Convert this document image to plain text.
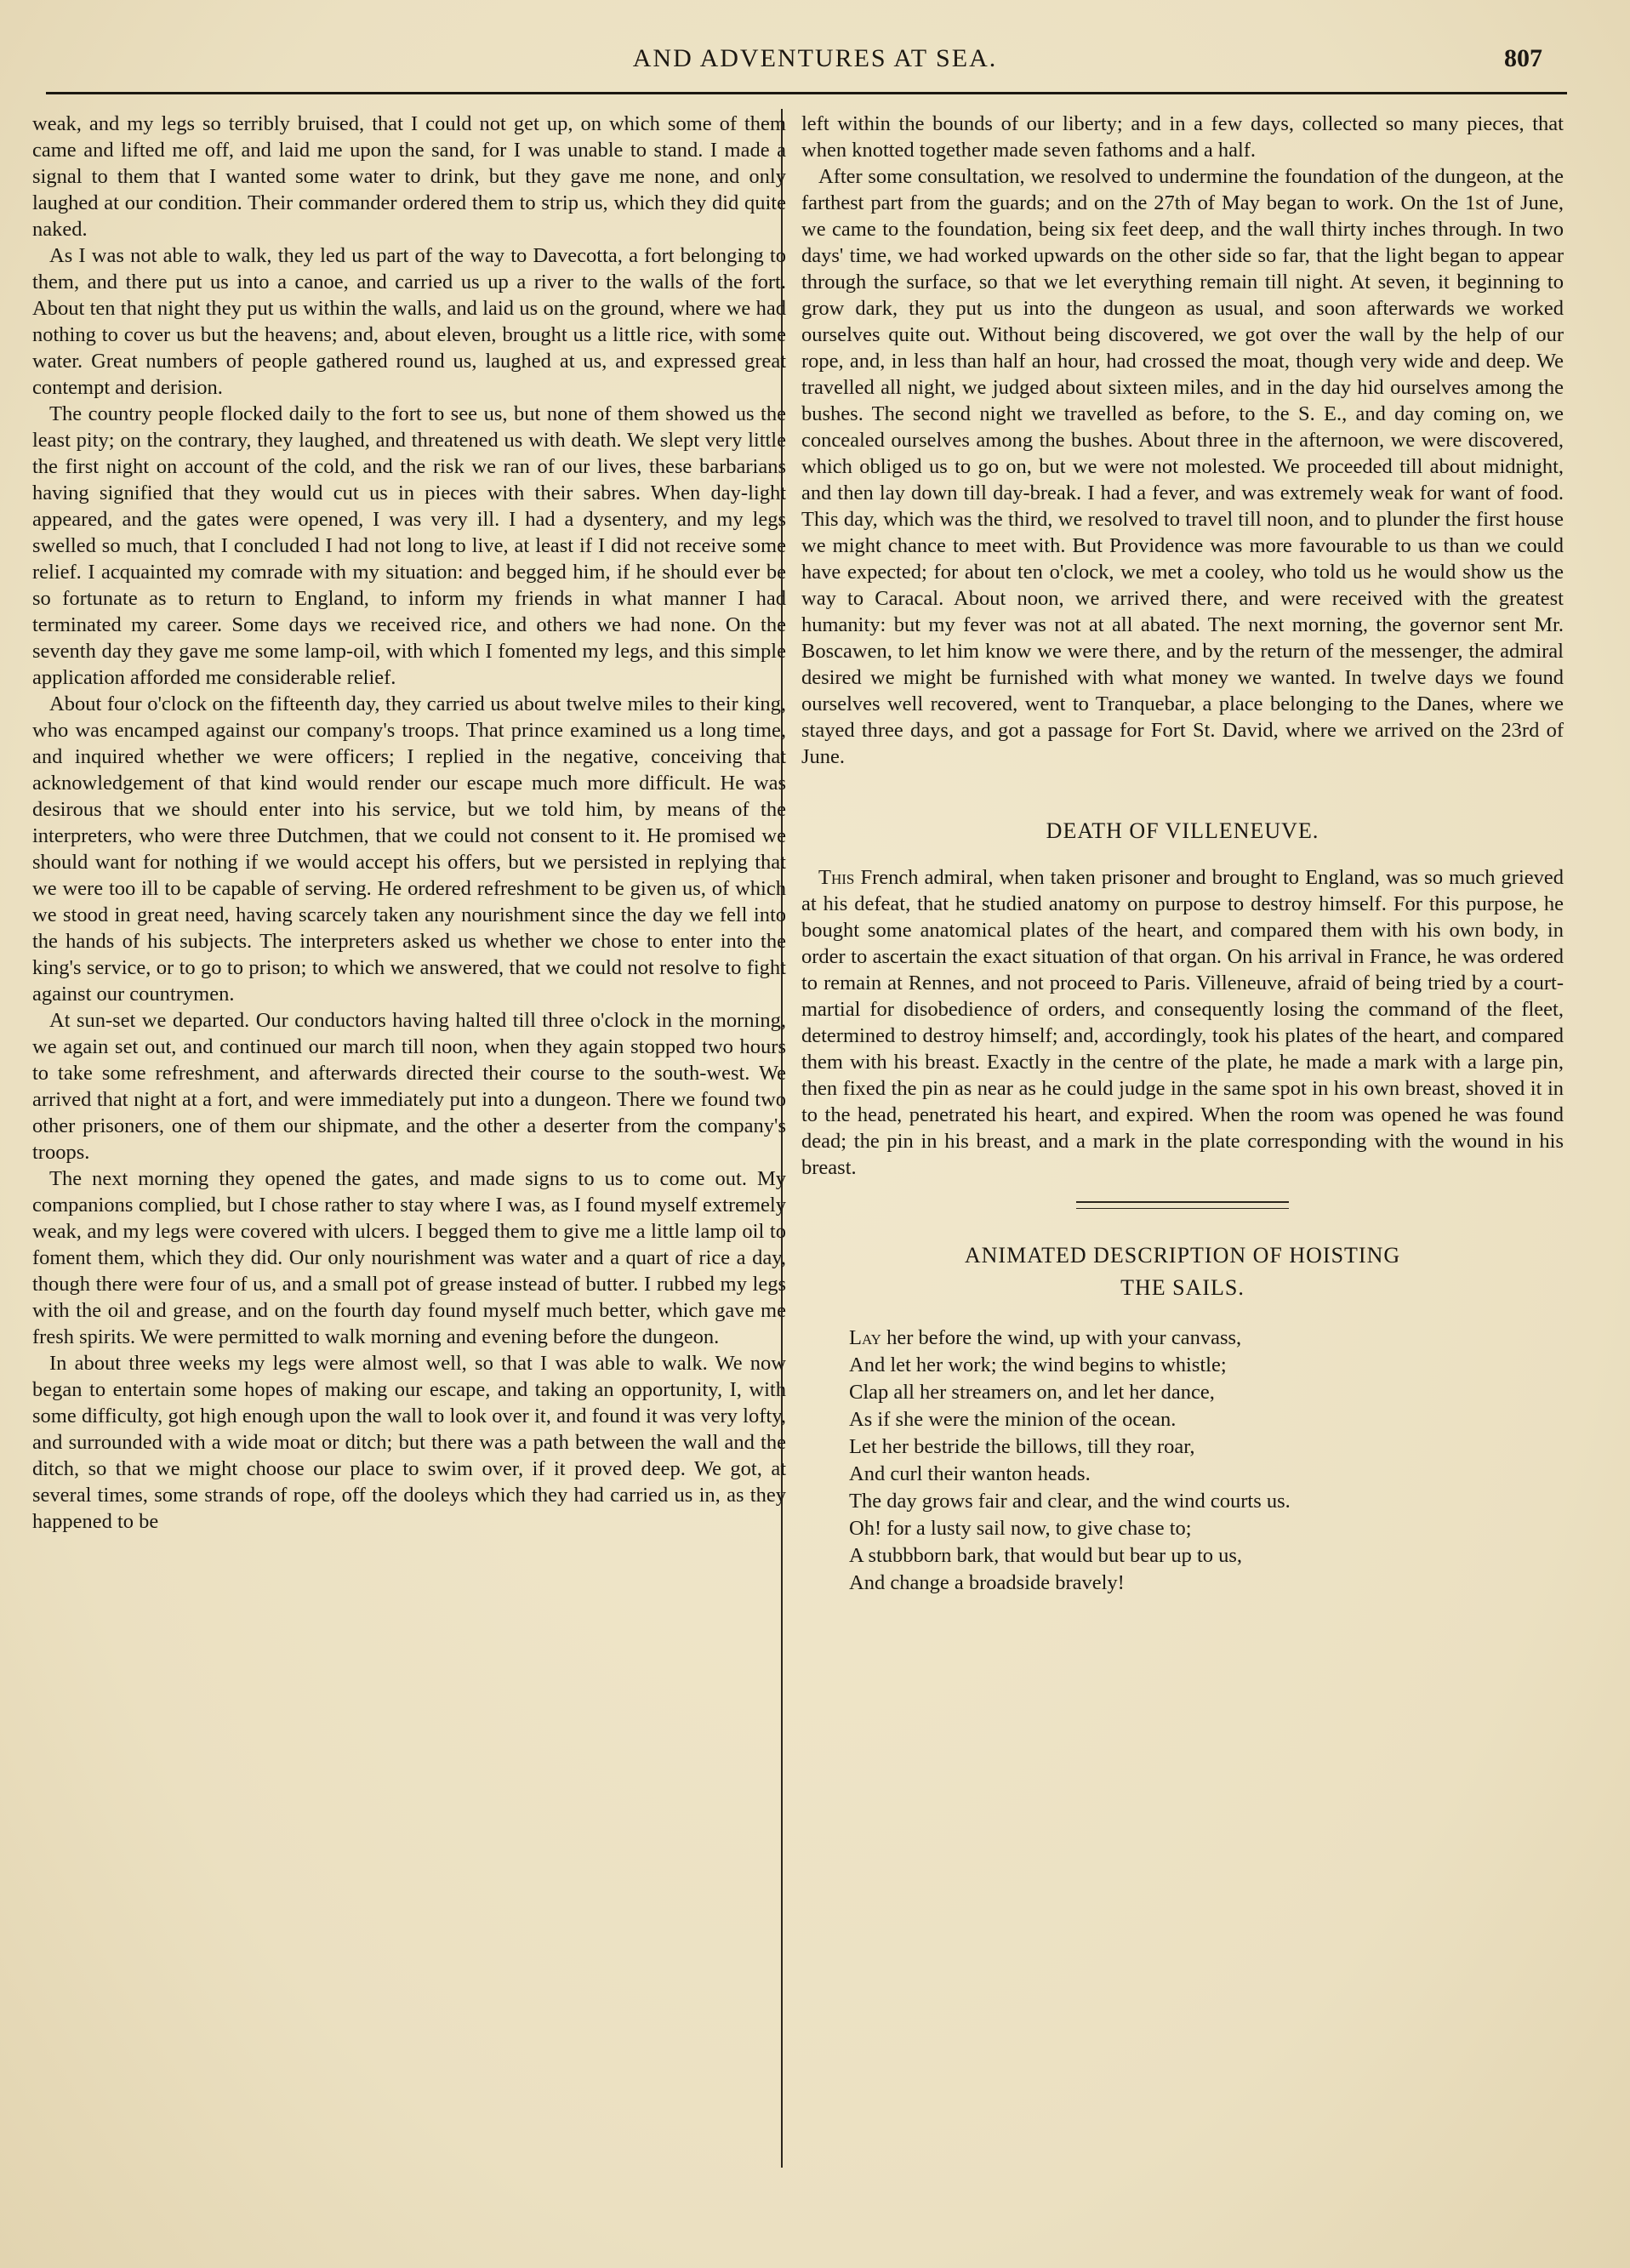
AND ADVENTURES AT SEA.	807

weak, and my legs so terribly bruised, that I could not get up, on which some of them came and lifted me off, and laid me upon the sand, for I was unable to stand. I made a signal to them that I wanted some water to drink, but they gave me none, and only laughed at our condition. Their commander ordered them to strip us, which they did quite naked.

As I was not able to walk, they led us part of the way to Davecotta, a fort belonging to them, and there put us into a canoe, and carried us up a river to the walls of the fort. About ten that night they put us within the walls, and laid us on the ground, where we had nothing to cover us but the heavens; and, about eleven, brought us a little rice, with some water. Great numbers of people gathered round us, laughed at us, and expressed great contempt and derision.

The country people flocked daily to the fort to see us, but none of them showed us the least pity; on the contrary, they laughed, and threatened us with death. We slept very little the first night on account of the cold, and the risk we ran of our lives, these barbarians having signified that they would cut us in pieces with their sabres. When day-light appeared, and the gates were opened, I was very ill. I had a dysentery, and my legs swelled so much, that I concluded I had not long to live, at least if I did not receive some relief. I acquainted my comrade with my situation: and begged him, if he should ever be so fortunate as to return to England, to inform my friends in what manner I had terminated my career. Some days we received rice, and others we had none. On the seventh day they gave me some lamp-oil, with which I fomented my legs, and this simple application afforded me considerable relief.

About four o'clock on the fifteenth day, they carried us about twelve miles to their king, who was encamped against our company's troops. That prince examined us a long time, and inquired whether we were officers; I replied in the negative, conceiving that acknowledgement of that kind would render our escape much more difficult. He was desirous that we should enter into his service, but we told him, by means of the interpreters, who were three Dutchmen, that we could not consent to it. He promised we should want for nothing if we would accept his offers, but we persisted in replying that we were too ill to be capable of serving. He ordered refreshment to be given us, of which we stood in great need, having scarcely taken any nourishment since the day we fell into the hands of his subjects. The interpreters asked us whether we chose to enter into the king's service, or to go to prison; to which we answered, that we could not resolve to fight against our countrymen.

At sun-set we departed. Our conductors having halted till three o'clock in the morning, we again set out, and continued our march till noon, when they again stopped two hours to take some refreshment, and afterwards directed their course to the south-west. We arrived that night at a fort, and were immediately put into a dungeon. There we found two other prisoners, one of them our shipmate, and the other a deserter from the company's troops.

The next morning they opened the gates, and made signs to us to come out. My companions complied, but I chose rather to stay where I was, as I found myself extremely weak, and my legs were covered with ulcers. I begged them to give me a little lamp oil to foment them, which they did. Our only nourishment was water and a quart of rice a day, though there were four of us, and a small pot of grease instead of butter. I rubbed my legs with the oil and grease, and on the fourth day found myself much better, which gave me fresh spirits. We were permitted to walk morning and evening before the dungeon.

In about three weeks my legs were almost well, so that I was able to walk. We now began to entertain some hopes of making our escape, and taking an opportunity, I, with some difficulty, got high enough upon the wall to look over it, and found it was very lofty, and surrounded with a wide moat or ditch; but there was a path between the wall and the ditch, so that we might choose our place to swim over, if it proved deep. We got, at several times, some strands of rope, off the dooleys which they had carried us in, as they happened to be

left within the bounds of our liberty; and in a few days, collected so many pieces, that when knotted together made seven fathoms and a half.

After some consultation, we resolved to undermine the foundation of the dungeon, at the farthest part from the guards; and on the 27th of May began to work. On the 1st of June, we came to the foundation, being six feet deep, and the wall thirty inches through. In two days' time, we had worked upwards on the other side so far, that the light began to appear through the surface, so that we let everything remain till night. At seven, it beginning to grow dark, they put us into the dungeon as usual, and soon afterwards we worked ourselves quite out. Without being discovered, we got over the wall by the help of our rope, and, in less than half an hour, had crossed the moat, though very wide and deep. We travelled all night, we judged about sixteen miles, and in the day hid ourselves among the bushes. The second night we travelled as before, to the S. E., and day coming on, we concealed ourselves among the bushes. About three in the afternoon, we were discovered, which obliged us to go on, but we were not molested. We proceeded till about midnight, and then lay down till day-break. I had a fever, and was extremely weak for want of food. This day, which was the third, we resolved to travel till noon, and to plunder the first house we might chance to meet with. But Providence was more favourable to us than we could have expected; for about ten o'clock, we met a cooley, who told us he would show us the way to Caracal. About noon, we arrived there, and were received with the greatest humanity: but my fever was not at all abated. The next morning, the governor sent Mr. Boscawen, to let him know we were there, and by the return of the messenger, the admiral desired we might be furnished with what money we wanted. In twelve days we found ourselves well recovered, went to Tranquebar, a place belonging to the Danes, where we stayed three days, and got a passage for Fort St. David, where we arrived on the 23rd of June.

DEATH OF VILLENEUVE.

This French admiral, when taken prisoner and brought to England, was so much grieved at his defeat, that he studied anatomy on purpose to destroy himself. For this purpose, he bought some anatomical plates of the heart, and compared them with his own body, in order to ascertain the exact situation of that organ. On his arrival in France, he was ordered to remain at Rennes, and not proceed to Paris. Villeneuve, afraid of being tried by a court-martial for disobedience of orders, and consequently losing the command of the fleet, determined to destroy himself; and, accordingly, took his plates of the heart, and compared them with his breast. Exactly in the centre of the plate, he made a mark with a large pin, then fixed the pin as near as he could judge in the same spot in his own breast, shoved it in to the head, penetrated his heart, and expired. When the room was opened he was found dead; the pin in his breast, and a mark in the plate corresponding with the wound in his breast.

ANIMATED DESCRIPTION OF HOISTING
THE SAILS.
Lay her before the wind, up with your canvass,
And let her work; the wind begins to whistle;
Clap all her streamers on, and let her dance,
As if she were the minion of the ocean.
Let her bestride the billows, till they roar,
And curl their wanton heads.
The day grows fair and clear, and the wind courts us.
Oh! for a lusty sail now, to give chase to;
A stubbborn bark, that would but bear up to us,
And change a broadside bravely!
